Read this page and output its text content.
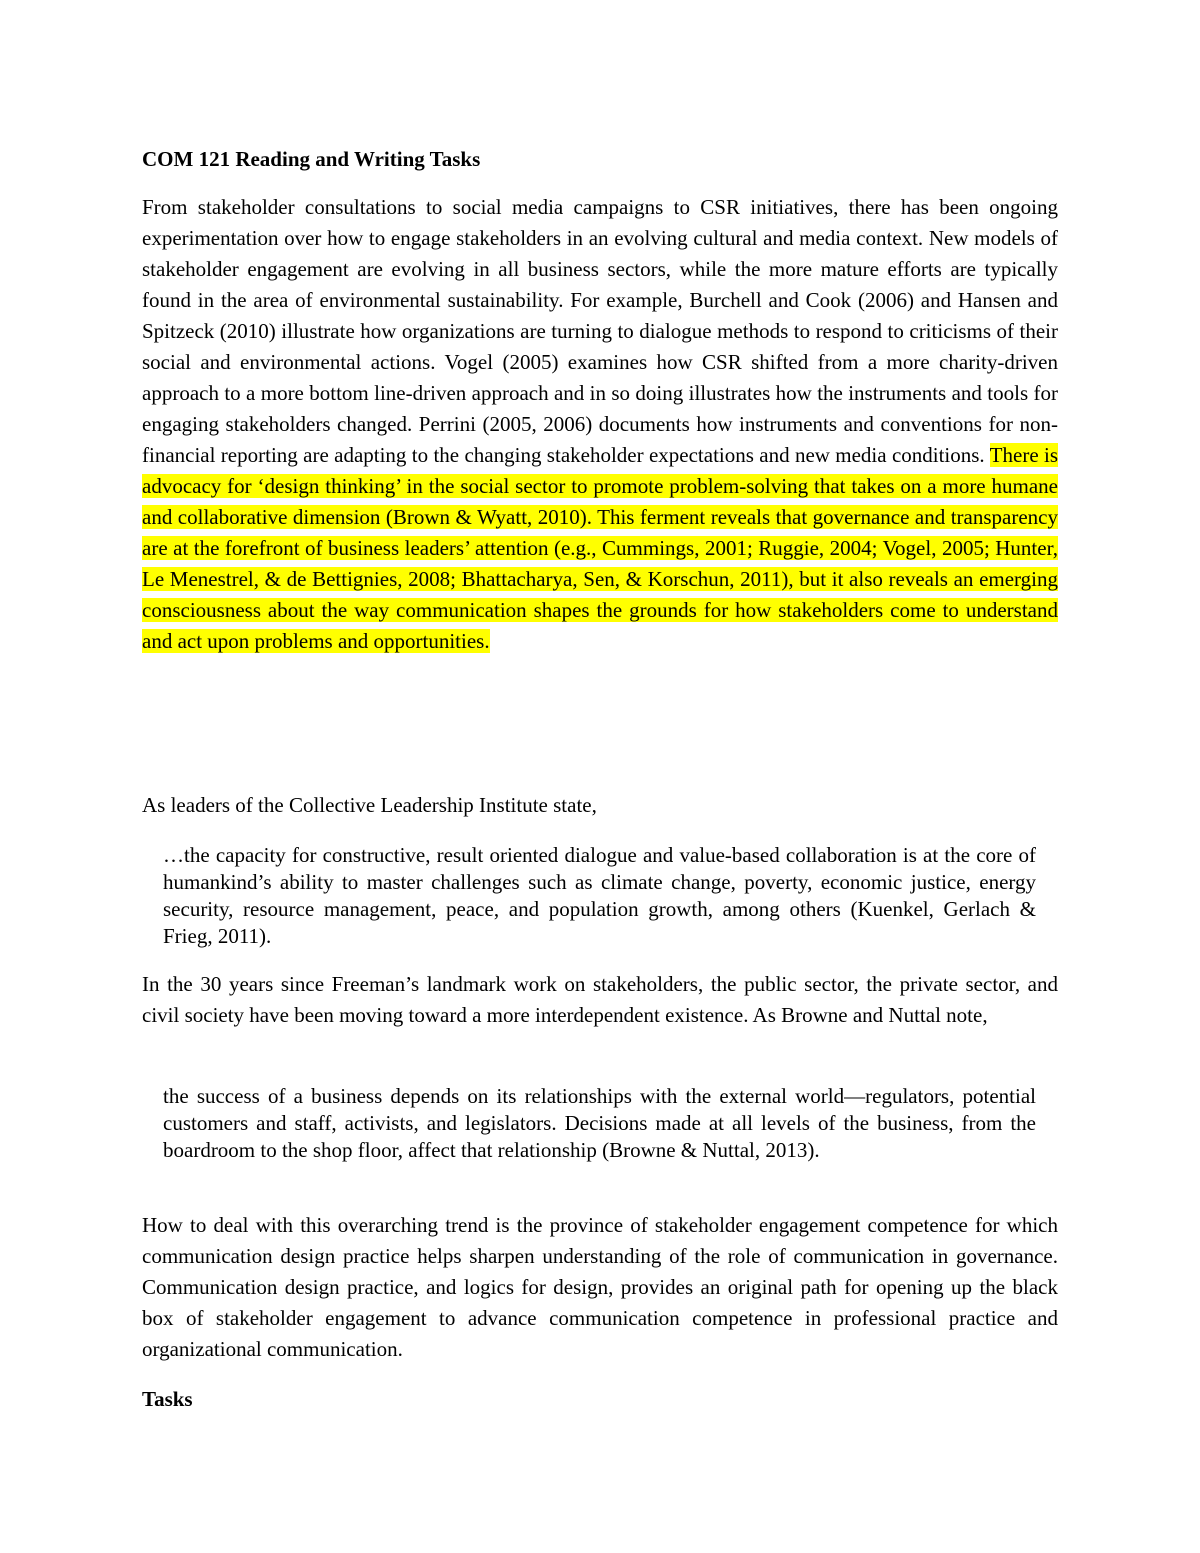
COM 121 Reading and Writing Tasks
From stakeholder consultations to social media campaigns to CSR initiatives, there has been ongoing experimentation over how to engage stakeholders in an evolving cultural and media context. New models of stakeholder engagement are evolving in all business sectors, while the more mature efforts are typically found in the area of environmental sustainability. For example, Burchell and Cook (2006) and Hansen and Spitzeck (2010) illustrate how organizations are turning to dialogue methods to respond to criticisms of their social and environmental actions. Vogel (2005) examines how CSR shifted from a more charity-driven approach to a more bottom line-driven approach and in so doing illustrates how the instruments and tools for engaging stakeholders changed. Perrini (2005, 2006) documents how instruments and conventions for non-financial reporting are adapting to the changing stakeholder expectations and new media conditions. There is advocacy for ‘design thinking’ in the social sector to promote problem-solving that takes on a more humane and collaborative dimension (Brown & Wyatt, 2010). This ferment reveals that governance and transparency are at the forefront of business leaders’ attention (e.g., Cummings, 2001; Ruggie, 2004; Vogel, 2005; Hunter, Le Menestrel, & de Bettignies, 2008; Bhattacharya, Sen, & Korschun, 2011), but it also reveals an emerging consciousness about the way communication shapes the grounds for how stakeholders come to understand and act upon problems and opportunities.
As leaders of the Collective Leadership Institute state,
…the capacity for constructive, result oriented dialogue and value-based collaboration is at the core of humankind’s ability to master challenges such as climate change, poverty, economic justice, energy security, resource management, peace, and population growth, among others (Kuenkel, Gerlach & Frieg, 2011).
In the 30 years since Freeman’s landmark work on stakeholders, the public sector, the private sector, and civil society have been moving toward a more interdependent existence. As Browne and Nuttal note,
the success of a business depends on its relationships with the external world—regulators, potential customers and staff, activists, and legislators. Decisions made at all levels of the business, from the boardroom to the shop floor, affect that relationship (Browne & Nuttal, 2013).
How to deal with this overarching trend is the province of stakeholder engagement competence for which communication design practice helps sharpen understanding of the role of communication in governance. Communication design practice, and logics for design, provides an original path for opening up the black box of stakeholder engagement to advance communication competence in professional practice and organizational communication.
Tasks
